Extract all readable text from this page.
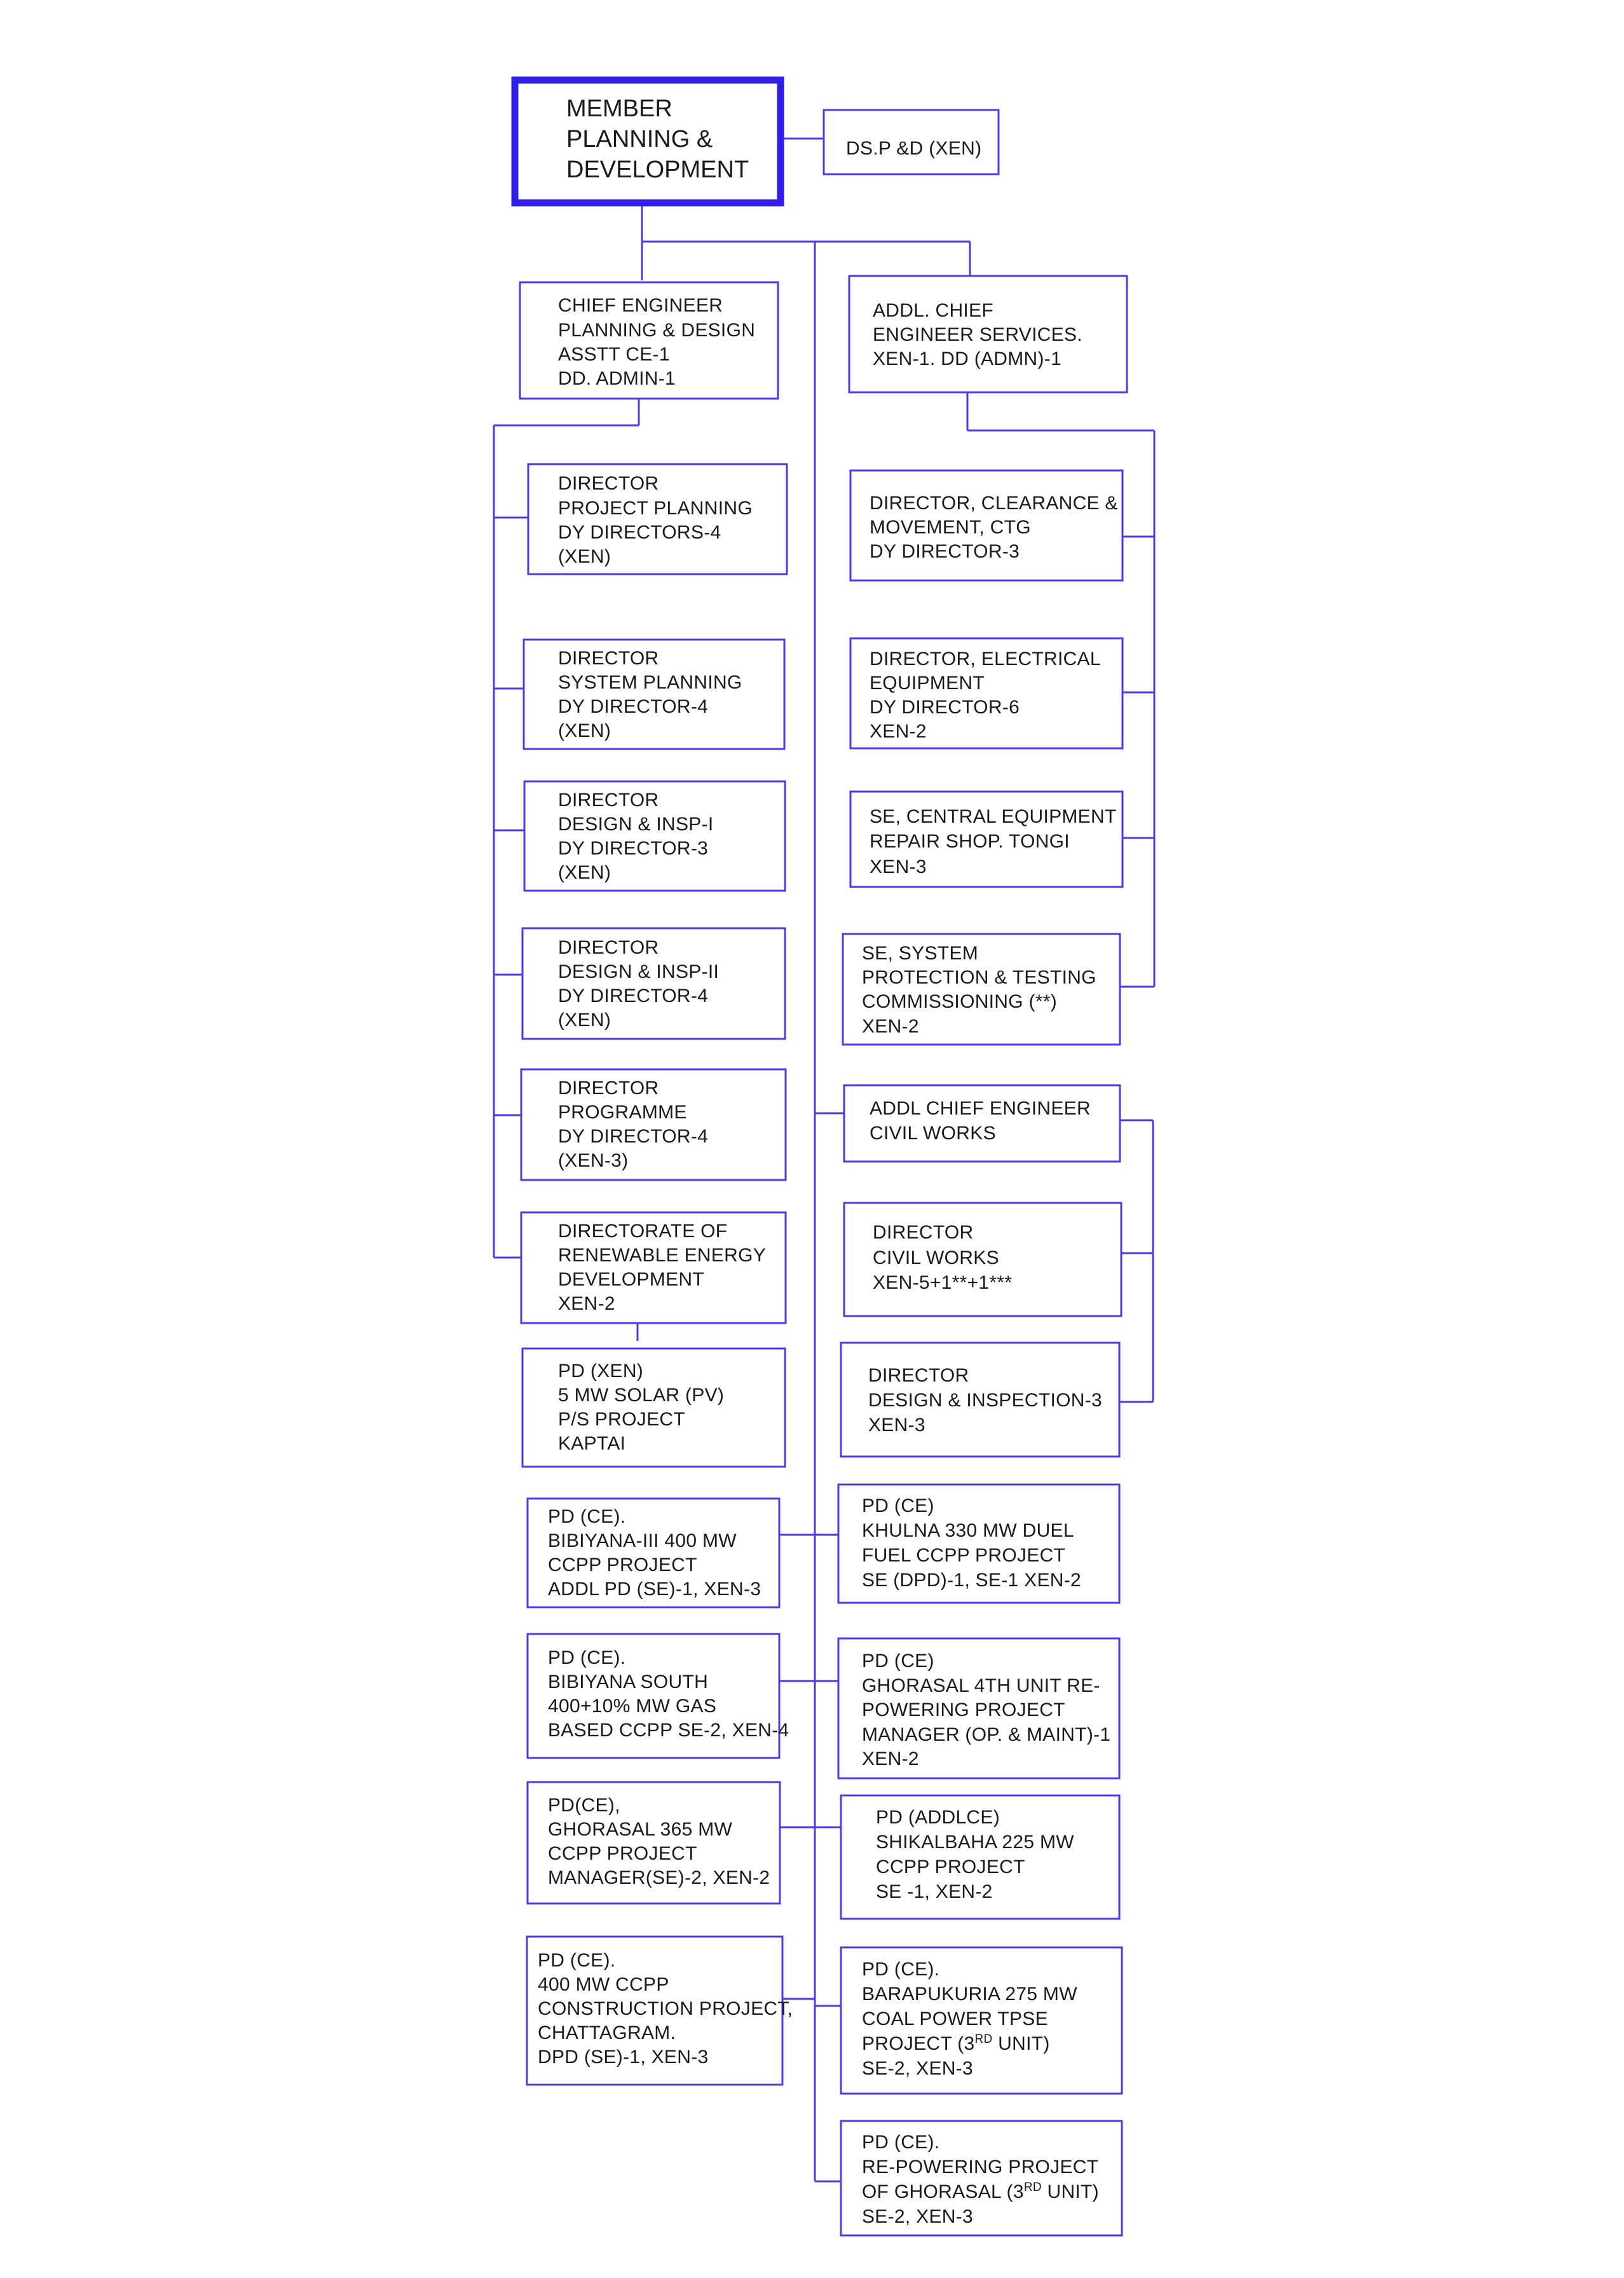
MEMBER PLANNING & DEVELOPMENT
DS.P &D (XEN)
CHIEF ENGINEER PLANNING & DESIGN ASSTT CE-1 DD. ADMIN-1
DIRECTOR PROJECT PLANNING DY DIRECTORS-4 (XEN)
DIRECTOR SYSTEM PLANNING DY DIRECTOR-4 (XEN)
DIRECTOR DESIGN & INSP-I DY DIRECTOR-3 (XEN)
DIRECTOR DESIGN & INSP-II DY DIRECTOR-4 (XEN)
DIRECTOR PROGRAMME DY DIRECTOR-4 (XEN-3)
DIRECTORATE OF RENEWABLE ENERGY DEVELOPMENT XEN-2
PD (XEN) 5 MW SOLAR (PV) P/S PROJECT KAPTAI
PD (CE). BIBIYANA-III 400 MW CCPP PROJECT ADDL PD (SE)-1, XEN-3
PD (CE). BIBIYANA SOUTH 400+10% MW GAS BASED CCPP SE-2, XEN-4
PD(CE), GHORASAL 365 MW CCPP PROJECT MANAGER(SE)-2, XEN-2
PD (CE). 400 MW CCPP CONSTRUCTION PROJECT, CHATTAGRAM. DPD (SE)-1, XEN-3
ADDL. CHIEF ENGINEER SERVICES. XEN-1. DD (ADMN)-1
DIRECTOR, CLEARANCE & MOVEMENT, CTG DY DIRECTOR-3
DIRECTOR, ELECTRICAL EQUIPMENT DY DIRECTOR-6 XEN-2
SE, CENTRAL EQUIPMENT REPAIR SHOP. TONGI XEN-3
SE, SYSTEM PROTECTION & TESTING COMMISSIONING (**) XEN-2
ADDL CHIEF ENGINEER CIVIL WORKS
DIRECTOR CIVIL WORKS XEN-5+1**+1***
DIRECTOR DESIGN & INSPECTION-3 XEN-3
PD (CE) KHULNA 330 MW DUEL FUEL CCPP PROJECT SE (DPD)-1, SE-1 XEN-2
PD (CE) GHORASAL 4TH UNIT RE- POWERING PROJECT MANAGER (OP. & MAINT)-1 XEN-2
PD (ADDLCE) SHIKALBAHA 225 MW CCPP PROJECT SE -1, XEN-2
PD (CE). BARAPUKURIA 275 MW COAL POWER TPSE PROJECT (3RD UNIT) SE-2, XEN-3
PD (CE). RE-POWERING PROJECT OF GHORASAL (3RD UNIT) SE-2, XEN-3
